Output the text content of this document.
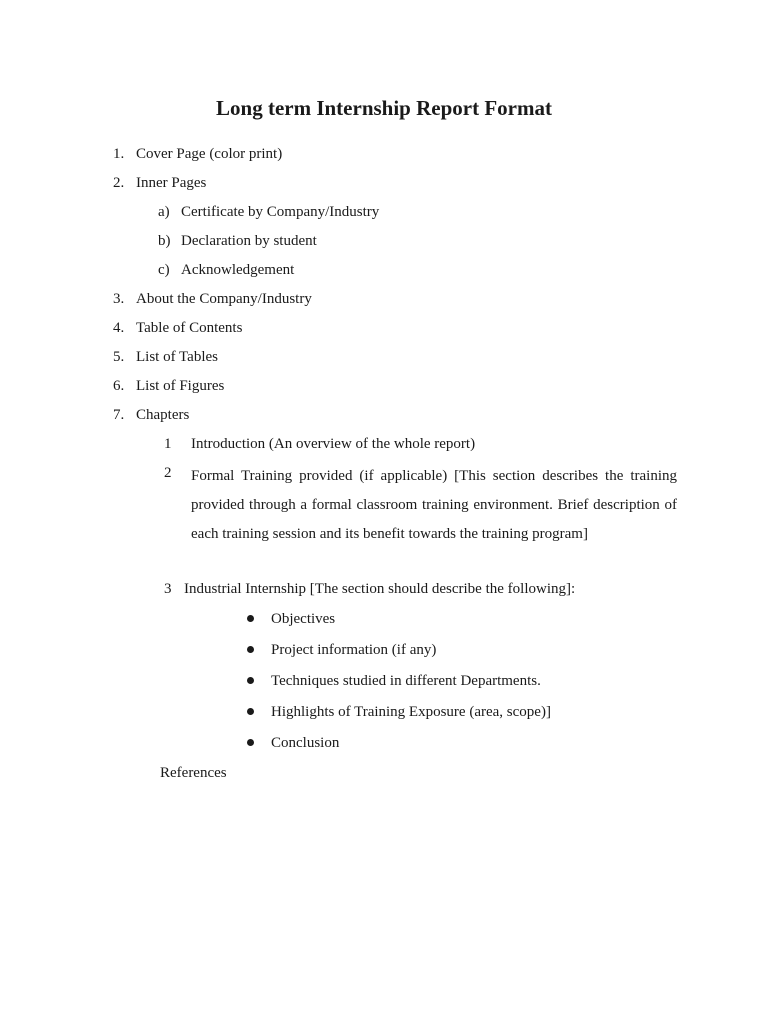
Long term Internship Report Format
1. Cover Page (color print)
2. Inner Pages
a) Certificate by Company/Industry
b) Declaration by student
c) Acknowledgement
3. About the Company/Industry
4. Table of Contents
5. List of Tables
6. List of Figures
7. Chapters
1 Introduction (An overview of the whole report)
2 Formal Training provided (if applicable) [This section describes the training provided through a formal classroom training environment. Brief description of each training session and its benefit towards the training program]
3 Industrial Internship [The section should describe the following]:
Objectives
Project information (if any)
Techniques studied in different Departments.
Highlights of Training Exposure (area, scope)]
Conclusion
References
